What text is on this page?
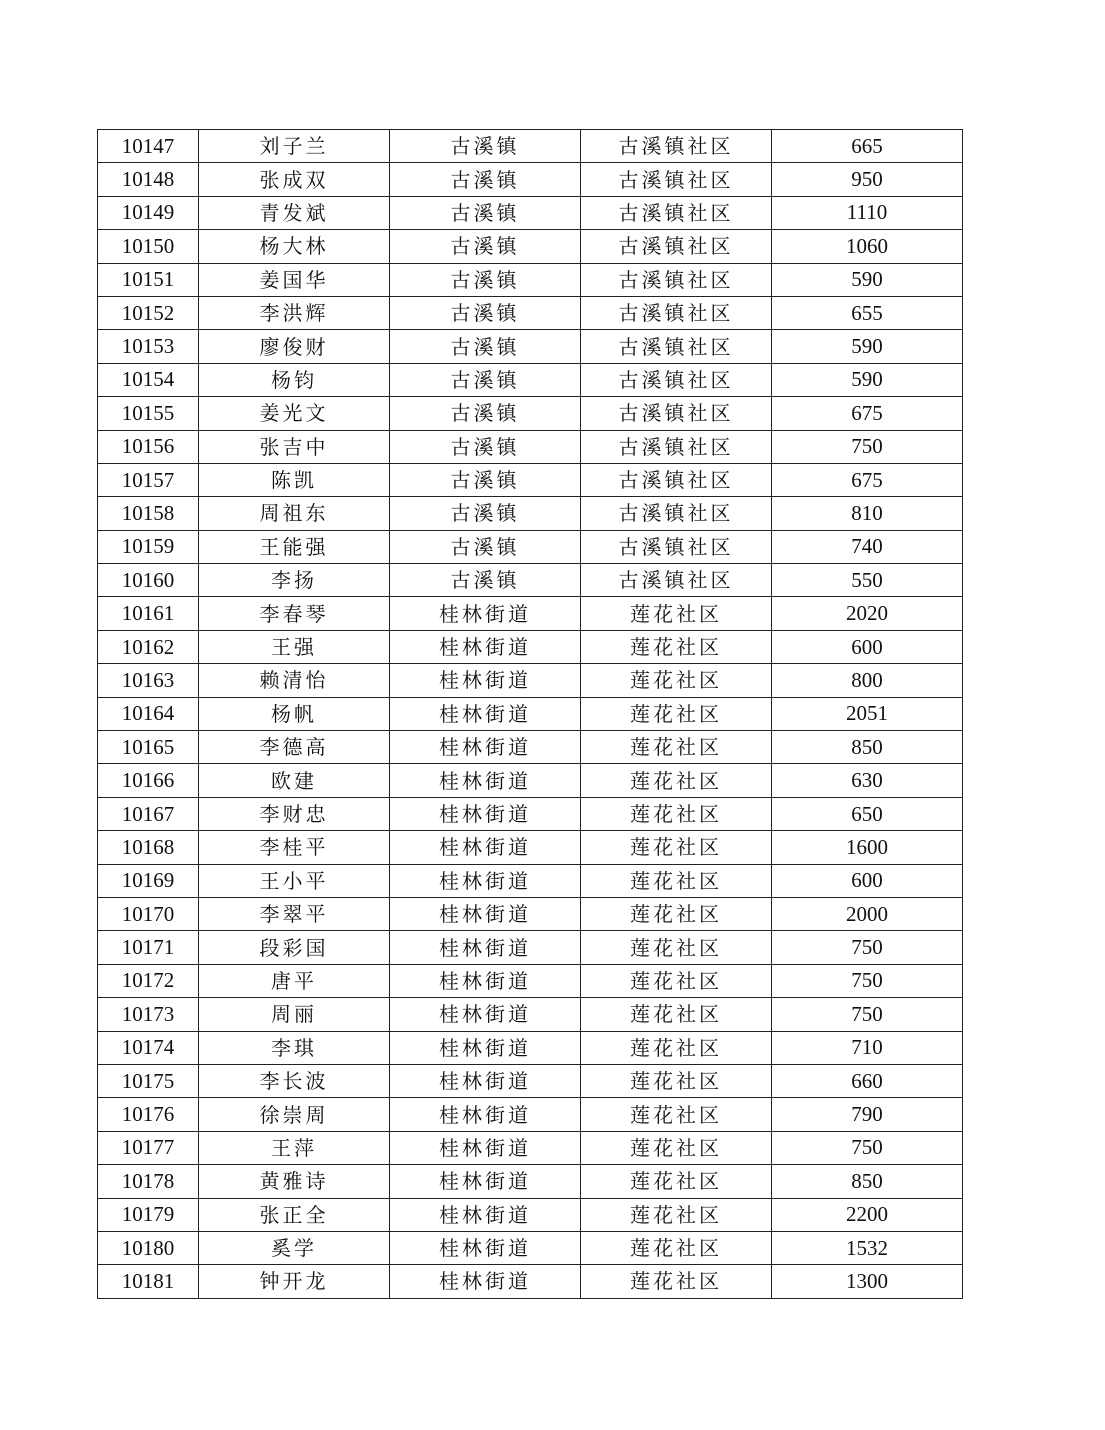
10147	刘子兰	古溪镇	古溪镇社区	665
10148	张成双	古溪镇	古溪镇社区	950
10149	青发斌	古溪镇	古溪镇社区	1110
10150	杨大林	古溪镇	古溪镇社区	1060
10151	姜国华	古溪镇	古溪镇社区	590
10152	李洪辉	古溪镇	古溪镇社区	655
10153	廖俊财	古溪镇	古溪镇社区	590
10154	杨钧	古溪镇	古溪镇社区	590
10155	姜光文	古溪镇	古溪镇社区	675
10156	张吉中	古溪镇	古溪镇社区	750
10157	陈凯	古溪镇	古溪镇社区	675
10158	周祖东	古溪镇	古溪镇社区	810
10159	王能强	古溪镇	古溪镇社区	740
10160	李扬	古溪镇	古溪镇社区	550
10161	李春琴	桂林街道	莲花社区	2020
10162	王强	桂林街道	莲花社区	600
10163	赖清怡	桂林街道	莲花社区	800
10164	杨帆	桂林街道	莲花社区	2051
10165	李德高	桂林街道	莲花社区	850
10166	欧建	桂林街道	莲花社区	630
10167	李财忠	桂林街道	莲花社区	650
10168	李桂平	桂林街道	莲花社区	1600
10169	王小平	桂林街道	莲花社区	600
10170	李翠平	桂林街道	莲花社区	2000
10171	段彩国	桂林街道	莲花社区	750
10172	唐平	桂林街道	莲花社区	750
10173	周丽	桂林街道	莲花社区	750
10174	李琪	桂林街道	莲花社区	710
10175	李长波	桂林街道	莲花社区	660
10176	徐崇周	桂林街道	莲花社区	790
10177	王萍	桂林街道	莲花社区	750
10178	黄雅诗	桂林街道	莲花社区	850
10179	张正全	桂林街道	莲花社区	2200
10180	奚学	桂林街道	莲花社区	1532
10181	钟开龙	桂林街道	莲花社区	1300
